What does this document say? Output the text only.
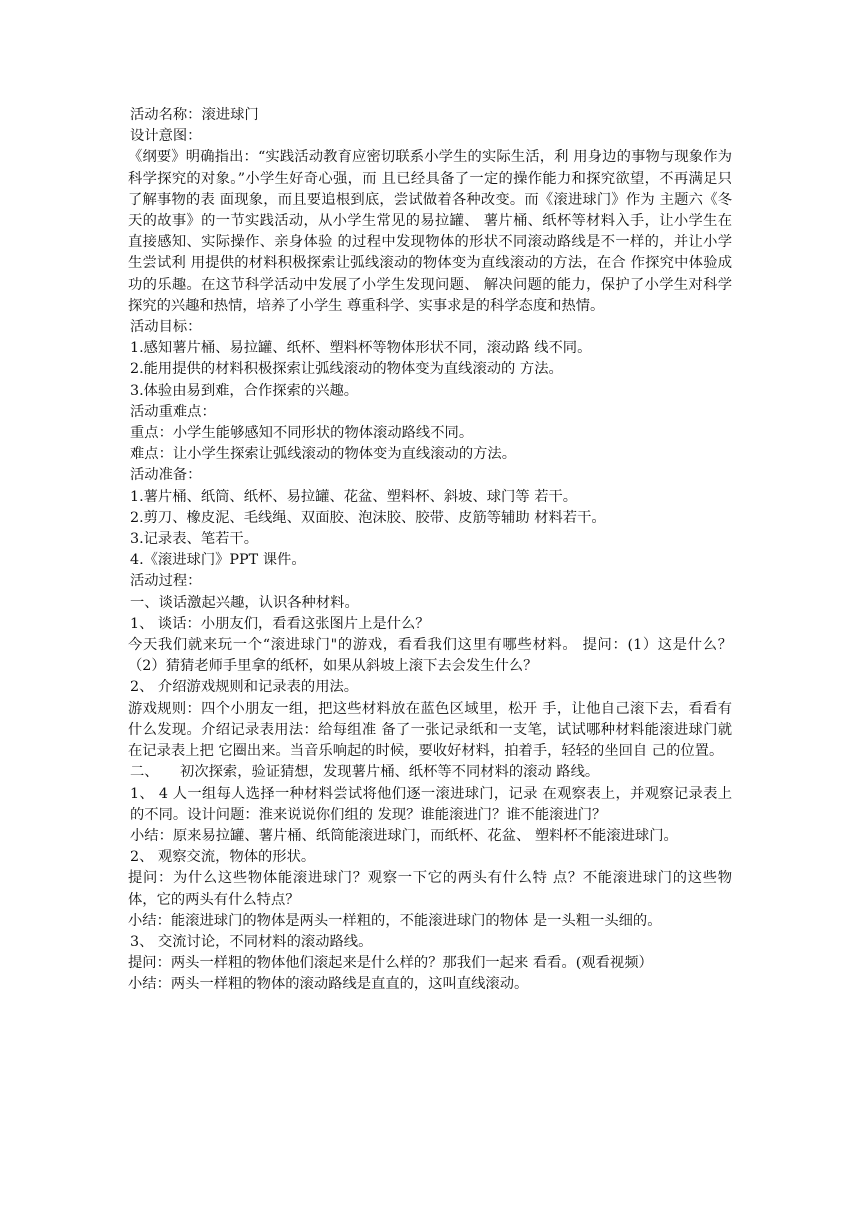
活动名称：滚进球门

设计意图：

《纲要》明确指出：“实践活动教育应密切联系小学生的实际生活，利 用身边的事物与现象作为科学探究的对象。”小学生好奇心强，而 且已经具备了一定的操作能力和探究欲望，不再满足只了解事物的表 面现象，而且要追根到底，尝试做着各种改变。而《滚进球门》作为 主题六《冬天的故事》的一节实践活动，从小学生常见的易拉罐、 薯片桶、纸杯等材料入手，让小学生在直接感知、实际操作、亲身体验 的过程中发现物体的形状不同滚动路线是不一样的，并让小学生尝试利 用提供的材料积极探索让弧线滚动的物体变为直线滚动的方法，在合 作探究中体验成功的乐趣。在这节科学活动中发展了小学生发现问题、 解决问题的能力，保护了小学生对科学探究的兴趣和热情，培养了小学生 尊重科学、实事求是的科学态度和热情。

活动目标：

1.感知薯片桶、易拉罐、纸杯、塑料杯等物体形状不同，滚动路 线不同。

2.能用提供的材料积极探索让弧线滚动的物体变为直线滚动的 方法。

3.体验由易到难，合作探索的兴趣。

活动重难点：

重点：小学生能够感知不同形状的物体滚动路线不同。

难点：让小学生探索让弧线滚动的物体变为直线滚动的方法。

活动准备：

1.薯片桶、纸筒、纸杯、易拉罐、花盆、塑料杯、斜坡、球门等 若干。

2.剪刀、橡皮泥、毛线绳、双面胶、泡沫胶、胶带、皮筋等辅助 材料若干。

3.记录表、笔若干。

4.《滚进球门》PPT 课件。

活动过程：

一、谈话激起兴趣，认识各种材料。

1、 谈话：小朋友们，看看这张图片上是什么？

今天我们就来玩一个“滚进球门"的游戏，看看我们这里有哪些材料。 提问：(1）这是什么？（2）猜猜老师手里拿的纸杯，如果从斜坡上滚下去会发生什么？

2、 介绍游戏规则和记录表的用法。

游戏规则：四个小朋友一组，把这些材料放在蓝色区域里，松开 手，让他自己滚下去，看看有什么发现。介绍记录表用法：给每组准 备了一张记录纸和一支笔，试试哪种材料能滚进球门就在记录表上把 它圈出来。当音乐响起的时候，要收好材料，拍着手，轻轻的坐回自 己的位置。

二、　　初次探索，验证猜想，发现薯片桶、纸杯等不同材料的滚动 路线。

1、 4 人一组每人选择一种材料尝试将他们逐一滚进球门，记录 在观察表上，并观察记录表上的不同。设计问题：淮来说说你们组的 发现？谁能滚进门？谁不能滚进门？

小结：原来易拉罐、薯片桶、纸筒能滚进球门，而纸杯、花盆、 塑料杯不能滚进球门。

2、 观察交流，物体的形状。

提问：为什么这些物体能滚进球门？观察一下它的两头有什么特 点？不能滚进球门的这些物体，它的两头有什么特点？

小结：能滚进球门的物体是两头一样粗的，不能滚进球门的物体 是一头粗一头细的。

3、 交流讨论，不同材料的滚动路线。

提问：两头一样粗的物体他们滚起来是什么样的？那我们一起来 看看。(观看视频）

小结：两头一样粗的物体的滚动路线是直直的，这叫直线滚动。
